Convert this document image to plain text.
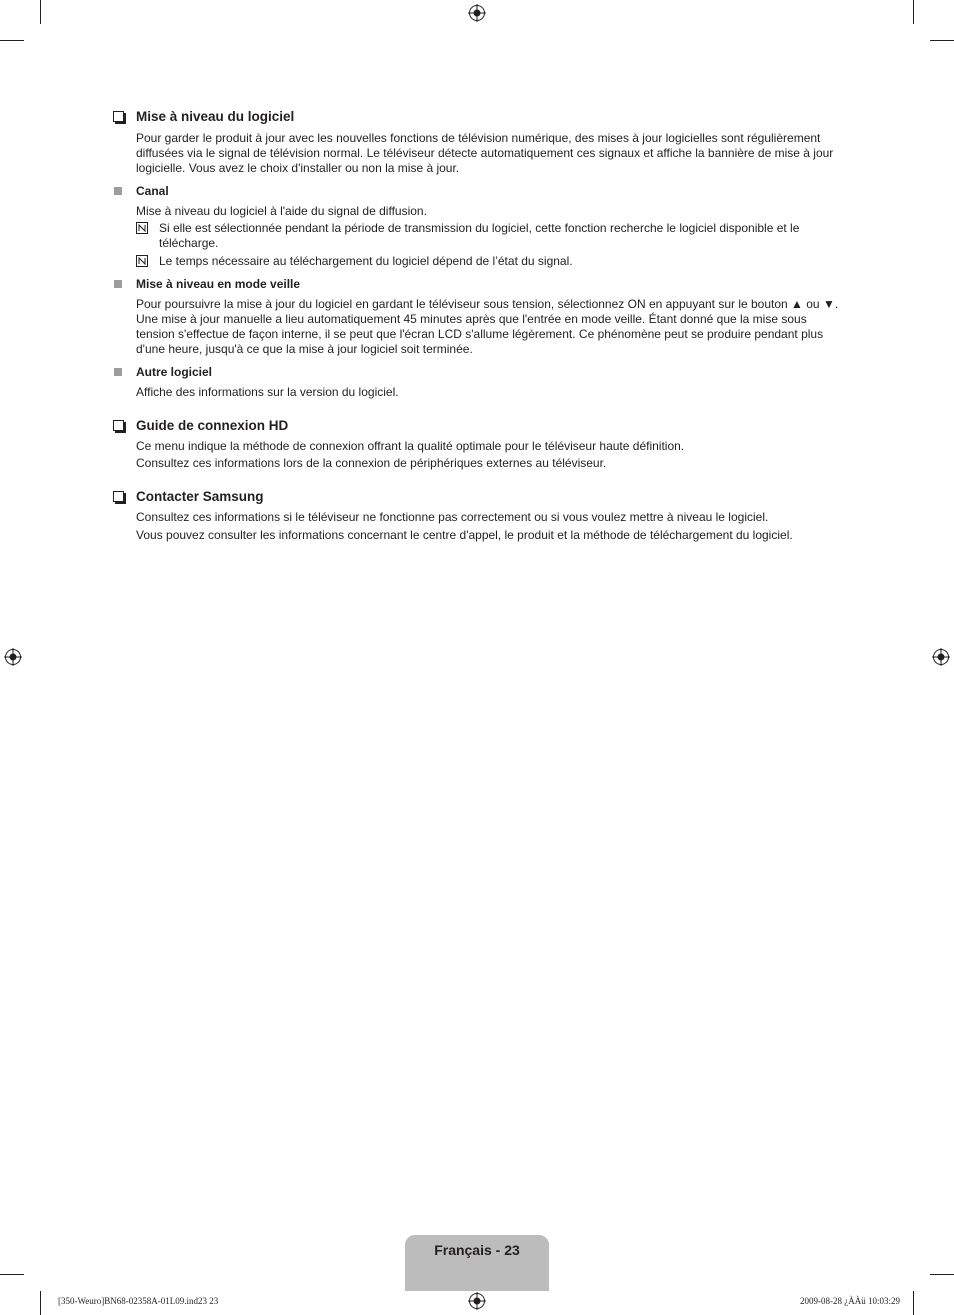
Mise à niveau du logiciel
Pour garder le produit à jour avec les nouvelles fonctions de télévision numérique, des mises à jour logicielles sont régulièrement diffusées via le signal de télévision normal. Le téléviseur détecte automatiquement ces signaux et affiche la bannière de mise à jour logicielle. Vous avez le choix d'installer ou non la mise à jour.
Canal
Mise à niveau du logiciel à l'aide du signal de diffusion.
Si elle est sélectionnée pendant la période de transmission du logiciel, cette fonction recherche le logiciel disponible et le télécharge.
Le temps nécessaire au téléchargement du logiciel dépend de l’état du signal.
Mise à niveau en mode veille
Pour poursuivre la mise à jour du logiciel en gardant le téléviseur sous tension, sélectionnez ON en appuyant sur le bouton ▲ ou ▼. Une mise à jour manuelle a lieu automatiquement 45 minutes après que l'entrée en mode veille. Étant donné que la mise sous tension s'effectue de façon interne, il se peut que l'écran LCD s'allume légèrement. Ce phénomène peut se produire pendant plus d'une heure, jusqu'à ce que la mise à jour logiciel soit terminée.
Autre logiciel
Affiche des informations sur la version du logiciel.
Guide de connexion HD
Ce menu indique la méthode de connexion offrant la qualité optimale pour le téléviseur haute définition.
Consultez ces informations lors de la connexion de périphériques externes au téléviseur.
Contacter Samsung
Consultez ces informations si le téléviseur ne fonctionne pas correctement ou si vous voulez mettre à niveau le logiciel.
Vous pouvez consulter les informations concernant le centre d'appel, le produit et la méthode de téléchargement du logiciel.
Français - 23
[350-Weuro]BN68-02358A-01L09.ind23 23	2009-08-28 ¿ÀÀü 10:03:29
